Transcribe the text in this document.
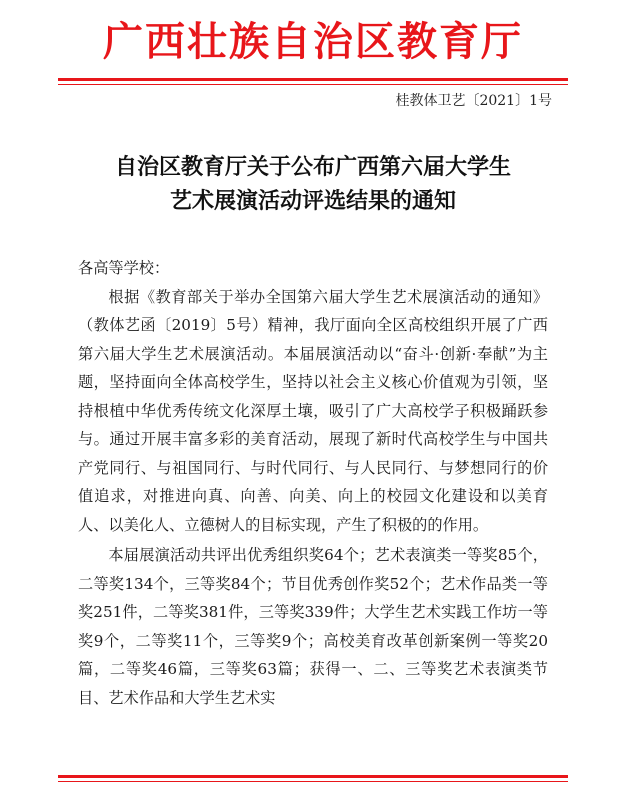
广西壮族自治区教育厅
桂教体卫艺〔2021〕1号
自治区教育厅关于公布广西第六届大学生
艺术展演活动评选结果的通知

各高等学校：

根据《教育部关于举办全国第六届大学生艺术展演活动的通知》（教体艺函〔2019〕5号）精神，我厅面向全区高校组织开展了广西第六届大学生艺术展演活动。本届展演活动以“奋斗·创新·奉献”为主题，坚持面向全体高校学生，坚持以社会主义核心价值观为引领，坚持根植中华优秀传统文化深厚土壤，吸引了广大高校学子积极踊跃参与。通过开展丰富多彩的美育活动，展现了新时代高校学生与中国共产党同行、与祖国同行、与时代同行、与人民同行、与梦想同行的价值追求，对推进向真、向善、向美、向上的校园文化建设和以美育人、以美化人、立德树人的目标实现，产生了积极的的作用。

本届展演活动共评出优秀组织奖64个；艺术表演类一等奖85个，二等奖134个，三等奖84个；节目优秀创作奖52个；艺术作品类一等奖251件，二等奖381件，三等奖339件；大学生艺术实践工作坊一等奖9个，二等奖11个，三等奖9个；高校美育改革创新案例一等奖20篇，二等奖46篇，三等奖63篇；获得一、二、三等奖艺术表演类节目、艺术作品和大学生艺术实
